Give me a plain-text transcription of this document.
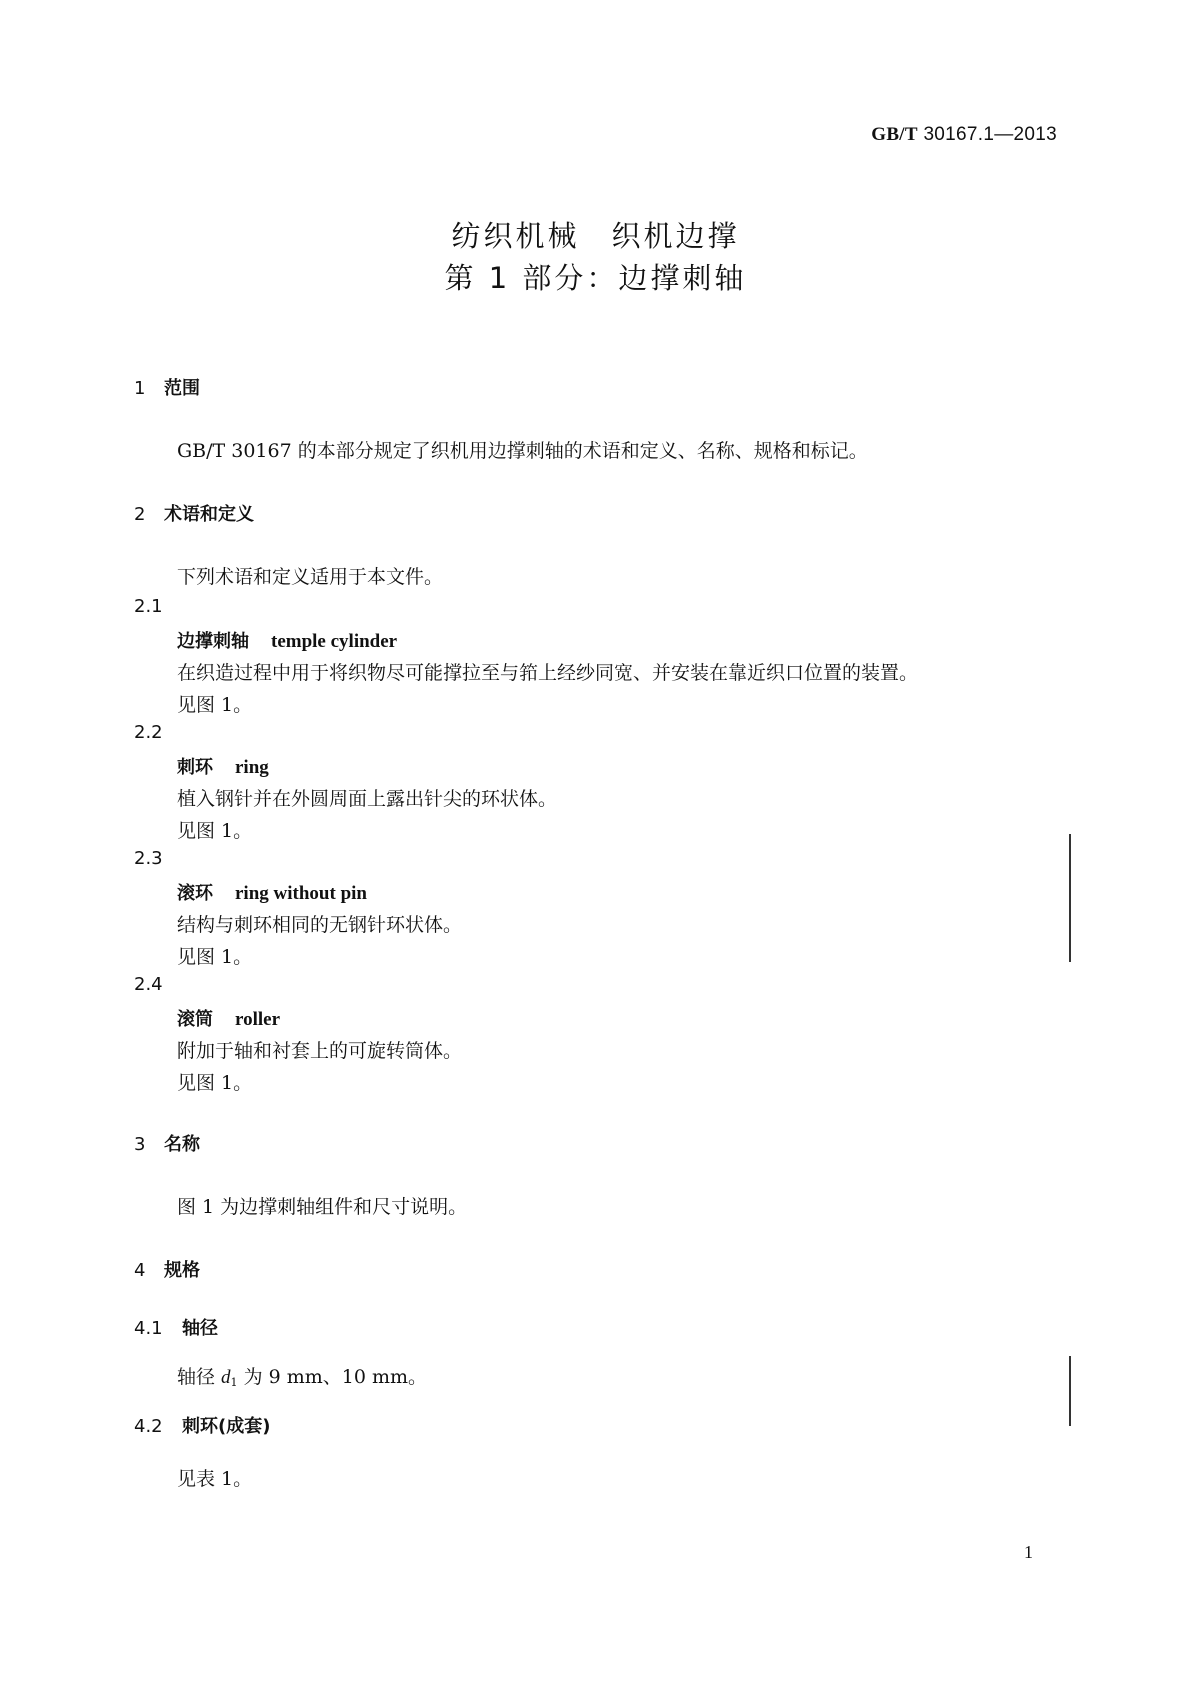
GB/T 30167.1—2013
纺织机械　织机边撑
第 1 部分：边撑刺轴
1 范围
GB/T 30167 的本部分规定了织机用边撑刺轴的术语和定义、名称、规格和标记。
2 术语和定义
下列术语和定义适用于本文件。
2.1
边撑刺轴 temple cylinder
在织造过程中用于将织物尽可能撑拉至与筘上经纱同宽、并安装在靠近织口位置的装置。
见图 1。
2.2
刺环 ring
植入钢针并在外圆周面上露出针尖的环状体。
见图 1。
2.3
滚环 ring without pin
结构与刺环相同的无钢针环状体。
见图 1。
2.4
滚筒 roller
附加于轴和衬套上的可旋转筒体。
见图 1。
3 名称
图 1 为边撑刺轴组件和尺寸说明。
4 规格
4.1 轴径
轴径 $d_1$ 为 9 mm、10 mm。
4.2 刺环(成套)
见表 1。
1
